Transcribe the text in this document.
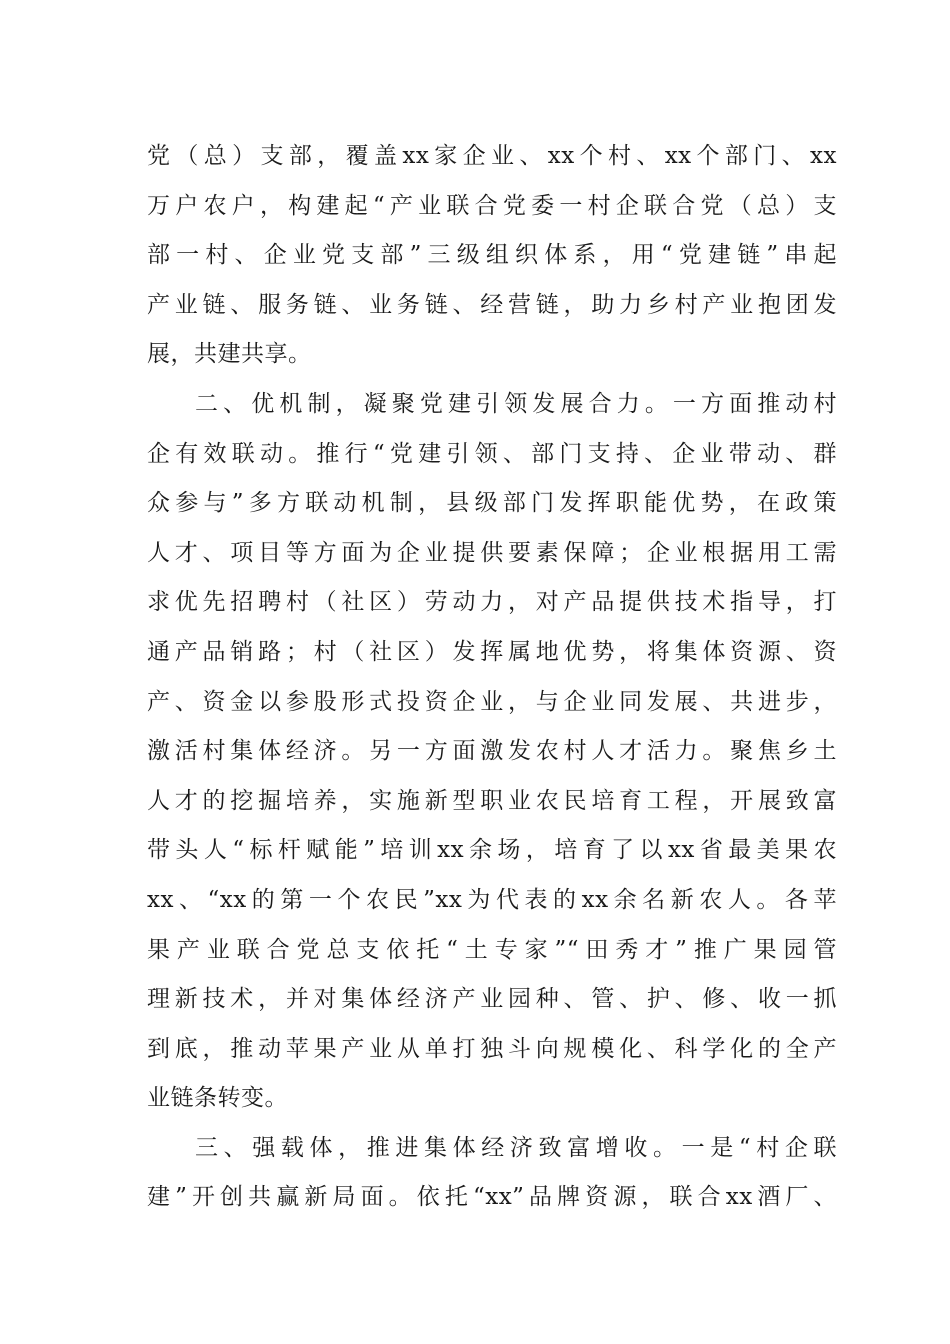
党（总）支部，覆盖xx家企业、xx个村、xx个部门、xx
万户农户，构建起“产业联合党委一村企联合党（总）支
部一村、企业党支部”三级组织体系，用“党建链”串起
产业链、服务链、业务链、经营链，助力乡村产业抱团发
展，共建共享。
二、优机制，凝聚党建引领发展合力。一方面推动村
企有效联动。推行“党建引领、部门支持、企业带动、群
众参与”多方联动机制，县级部门发挥职能优势，在政策
人才、项目等方面为企业提供要素保障；企业根据用工需
求优先招聘村（社区）劳动力，对产品提供技术指导，打
通产品销路；村（社区）发挥属地优势，将集体资源、资
产、资金以参股形式投资企业，与企业同发展、共进步，
激活村集体经济。另一方面激发农村人才活力。聚焦乡土
人才的挖掘培养，实施新型职业农民培育工程，开展致富
带头人“标杆赋能”培训xx余场，培育了以xx省最美果农
xx、“xx的第一个农民”xx为代表的xx余名新农人。各苹
果产业联合党总支依托“土专家”“田秀才”推广果园管
理新技术，并对集体经济产业园种、管、护、修、收一抓
到底，推动苹果产业从单打独斗向规模化、科学化的全产
业链条转变。
三、强载体，推进集体经济致富增收。一是“村企联
建”开创共赢新局面。依托“xx”品牌资源，联合xx酒厂、
